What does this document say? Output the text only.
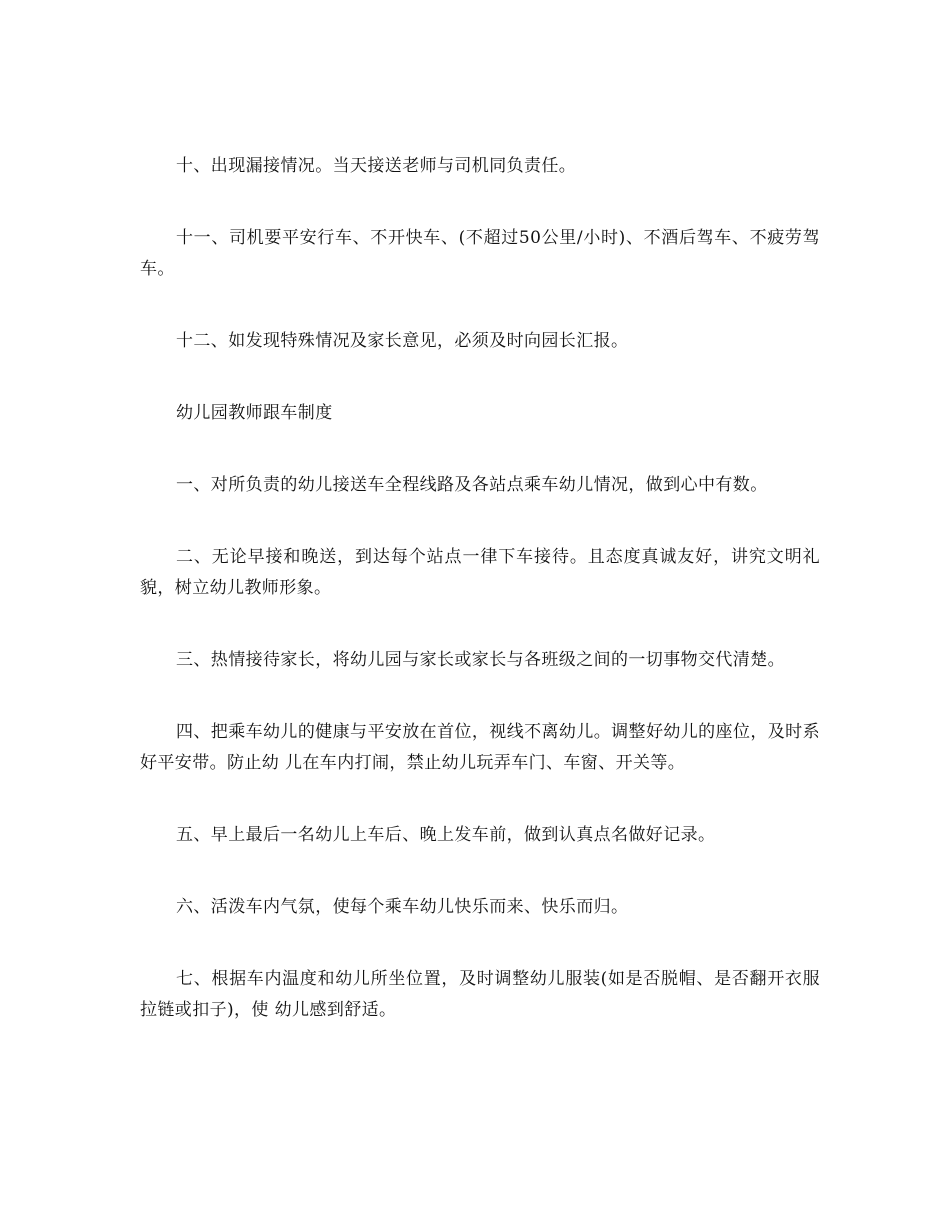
十、出现漏接情况。当天接送老师与司机同负责任。

十一、司机要平安行车、不开快车、(不超过50公里/小时)、不酒后驾车、不疲劳驾车。

十二、如发现特殊情况及家长意见，必须及时向园长汇报。

幼儿园教师跟车制度

一、对所负责的幼儿接送车全程线路及各站点乘车幼儿情况，做到心中有数。

二、无论早接和晚送，到达每个站点一律下车接待。且态度真诚友好，讲究文明礼貌，树立幼儿教师形象。

三、热情接待家长，将幼儿园与家长或家长与各班级之间的一切事物交代清楚。

四、把乘车幼儿的健康与平安放在首位，视线不离幼儿。调整好幼儿的座位，及时系好平安带。防止幼 儿在车内打闹，禁止幼儿玩弄车门、车窗、开关等。

五、早上最后一名幼儿上车后、晚上发车前，做到认真点名做好记录。

六、活泼车内气氛，使每个乘车幼儿快乐而来、快乐而归。

七、根据车内温度和幼儿所坐位置，及时调整幼儿服装(如是否脱帽、是否翻开衣服拉链或扣子)，使 幼儿感到舒适。
